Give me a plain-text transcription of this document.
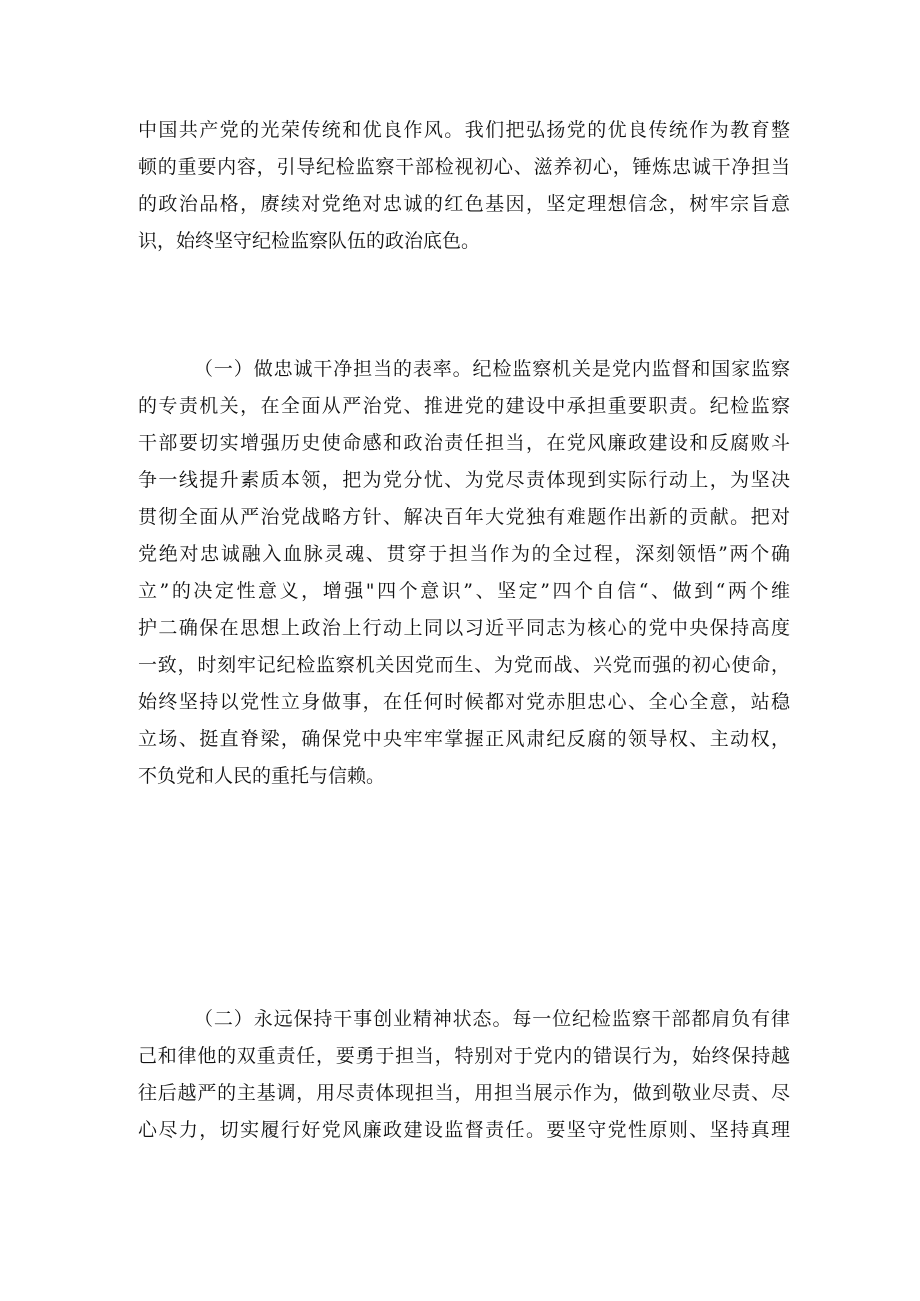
中国共产党的光荣传统和优良作风。我们把弘扬党的优良传统作为教育整
顿的重要内容，引导纪检监察干部检视初心、滋养初心，锤炼忠诚干净担当
的政治品格，赓续对党绝对忠诚的红色基因，坚定理想信念，树牢宗旨意
识，始终坚守纪检监察队伍的政治底色。
（一）做忠诚干净担当的表率。纪检监察机关是党内监督和国家监察
的专责机关，在全面从严治党、推进党的建设中承担重要职责。纪检监察
干部要切实增强历史使命感和政治责任担当，在党风廉政建设和反腐败斗
争一线提升素质本领，把为党分忧、为党尽责体现到实际行动上，为坚决
贯彻全面从严治党战略方针、解决百年大党独有难题作出新的贡献。把对
党绝对忠诚融入血脉灵魂、贯穿于担当作为的全过程，深刻领悟”两个确
立”的决定性意义，增强"四个意识”、坚定”四个自信“、做到“两个维
护二确保在思想上政治上行动上同以习近平同志为核心的党中央保持高度
一致，时刻牢记纪检监察机关因党而生、为党而战、兴党而强的初心使命，
始终坚持以党性立身做事，在任何时候都对党赤胆忠心、全心全意，站稳
立场、挺直脊梁，确保党中央牢牢掌握正风肃纪反腐的领导权、主动权，
不负党和人民的重托与信赖。
（二）永远保持干事创业精神状态。每一位纪检监察干部都肩负有律
己和律他的双重责任，要勇于担当，特别对于党内的错误行为，始终保持越
往后越严的主基调，用尽责体现担当，用担当展示作为，做到敬业尽责、尽
心尽力，切实履行好党风廉政建设监督责任。要坚守党性原则、坚持真理
